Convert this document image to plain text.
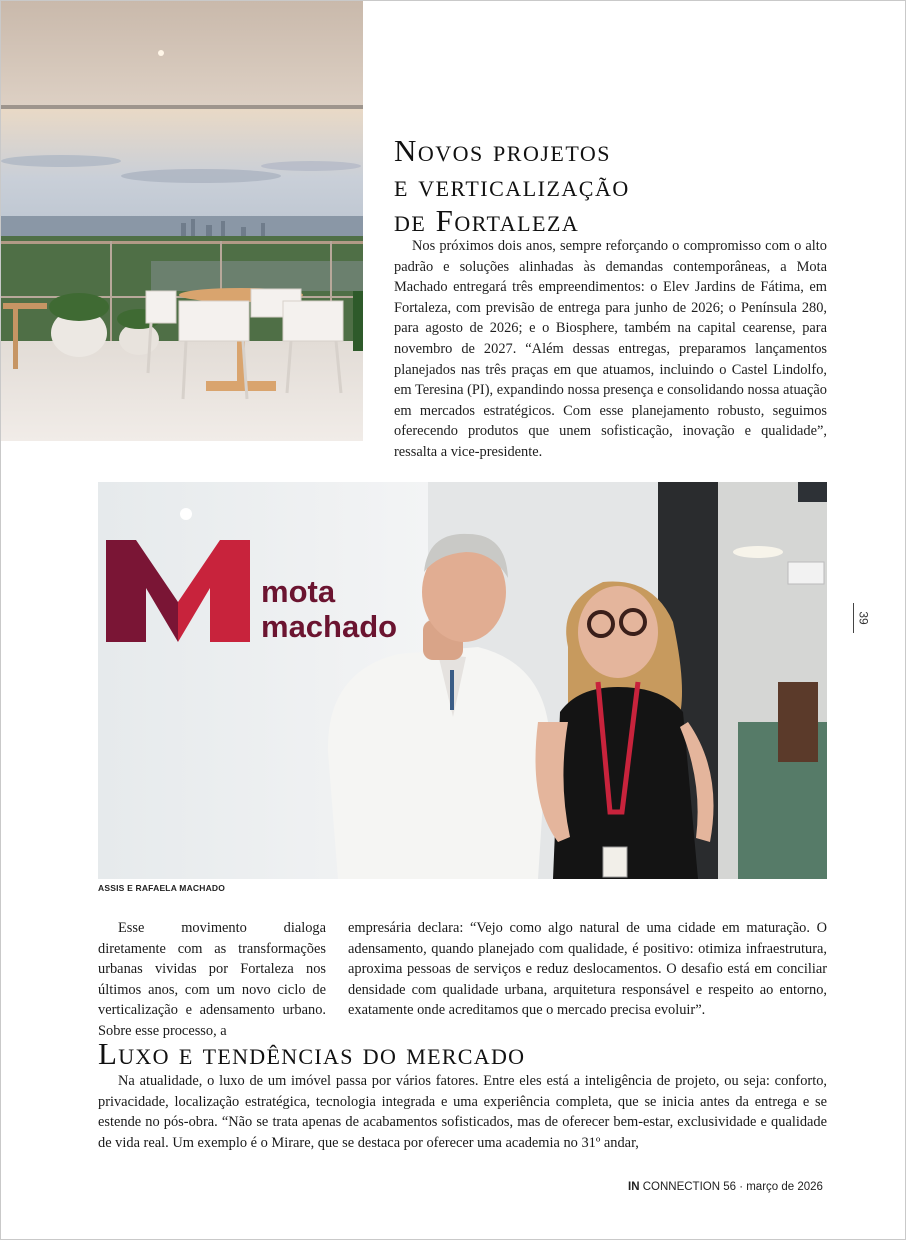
Novos projetos
e verticalização
de Fortaleza

Nos próximos dois anos, sempre reforçando o compromisso com o alto padrão e soluções alinhadas às demandas contemporâneas, a Mota Machado entregará três empreendimentos: o Elev Jardins de Fátima, em Fortaleza, com previsão de entrega para junho de 2026; o Península 280, para agosto de 2026; e o Biosphere, também na capital cearense, para novembro de 2027. “Além dessas entregas, preparamos lançamentos planejados nas três praças em que atuamos, incluindo o Castel Lindolfo, em Teresina (PI), expandindo nossa presença e consolidando nossa atuação em mercados estratégicos. Com esse planejamento robusto, seguimos oferecendo produtos que unem sofisticação, inovação e qualidade”, ressalta a vice-presidente.

mota
machado

ASSIS E RAFAELA MACHADO

39

Esse movimento dialoga diretamente com as transformações urbanas vividas por Fortaleza nos últimos anos, com um novo ciclo de verticalização e adensamento urbano. Sobre esse processo, a

empresária declara: “Vejo como algo natural de uma cidade em maturação. O adensamento, quando planejado com qualidade, é positivo: otimiza infraestrutura, aproxima pessoas de serviços e reduz deslocamentos. O desafio está em conciliar densidade com qualidade urbana, arquitetura responsável e respeito ao entorno, exatamente onde acreditamos que o mercado precisa evoluir”.

Luxo e tendências do mercado

Na atualidade, o luxo de um imóvel passa por vários fatores. Entre eles está a inteligência de projeto, ou seja: conforto, privacidade, localização estratégica, tecnologia integrada e uma experiência completa, que se inicia antes da entrega e se estende no pós-obra. “Não se trata apenas de acabamentos sofisticados, mas de oferecer bem-estar, exclusividade e qualidade de vida real. Um exemplo é o Mirare, que se destaca por oferecer uma academia no 31º andar,

IN CONNECTION 56 · março de 2026
